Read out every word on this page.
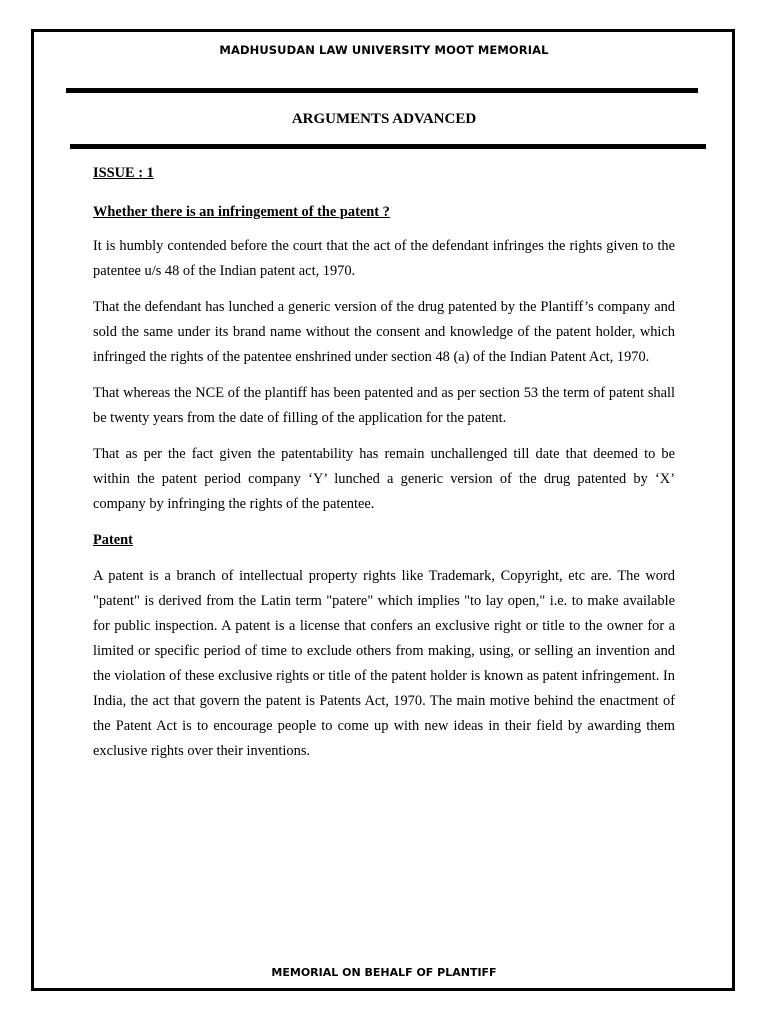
MADHUSUDAN LAW UNIVERSITY MOOT MEMORIAL
ARGUMENTS ADVANCED

ISSUE : 1

Whether there is an infringement of the patent ?

It is humbly contended before the court that the act of the defendant infringes the rights given to the patentee u/s 48 of the Indian patent act, 1970.

That the defendant has lunched a generic version of the drug patented by the Plantiff’s company and sold the same under its brand name without the consent and knowledge of the patent holder, which infringed the rights of the patentee enshrined under section 48 (a) of the Indian Patent Act, 1970.

That whereas the NCE of the plantiff has been patented and as per section 53 the term of patent shall be twenty years from the date of filling of the application for the patent.

That as per the fact given the patentability has remain unchallenged till date that deemed to be within the patent period company ‘Y’ lunched a generic version of the drug patented by ‘X’ company by infringing the rights of the patentee.

Patent

A patent is a branch of intellectual property rights like Trademark, Copyright, etc are. The word "patent" is derived from the Latin term "patere" which implies "to lay open," i.e. to make available for public inspection. A patent is a license that confers an exclusive right or title to the owner for a limited or specific period of time to exclude others from making, using, or selling an invention and the violation of these exclusive rights or title of the patent holder is known as patent infringement. In India, the act that govern the patent is Patents Act, 1970. The main motive behind the enactment of the Patent Act is to encourage people to come up with new ideas in their field by awarding them exclusive rights over their inventions.

MEMORIAL ON BEHALF OF PLANTIFF
